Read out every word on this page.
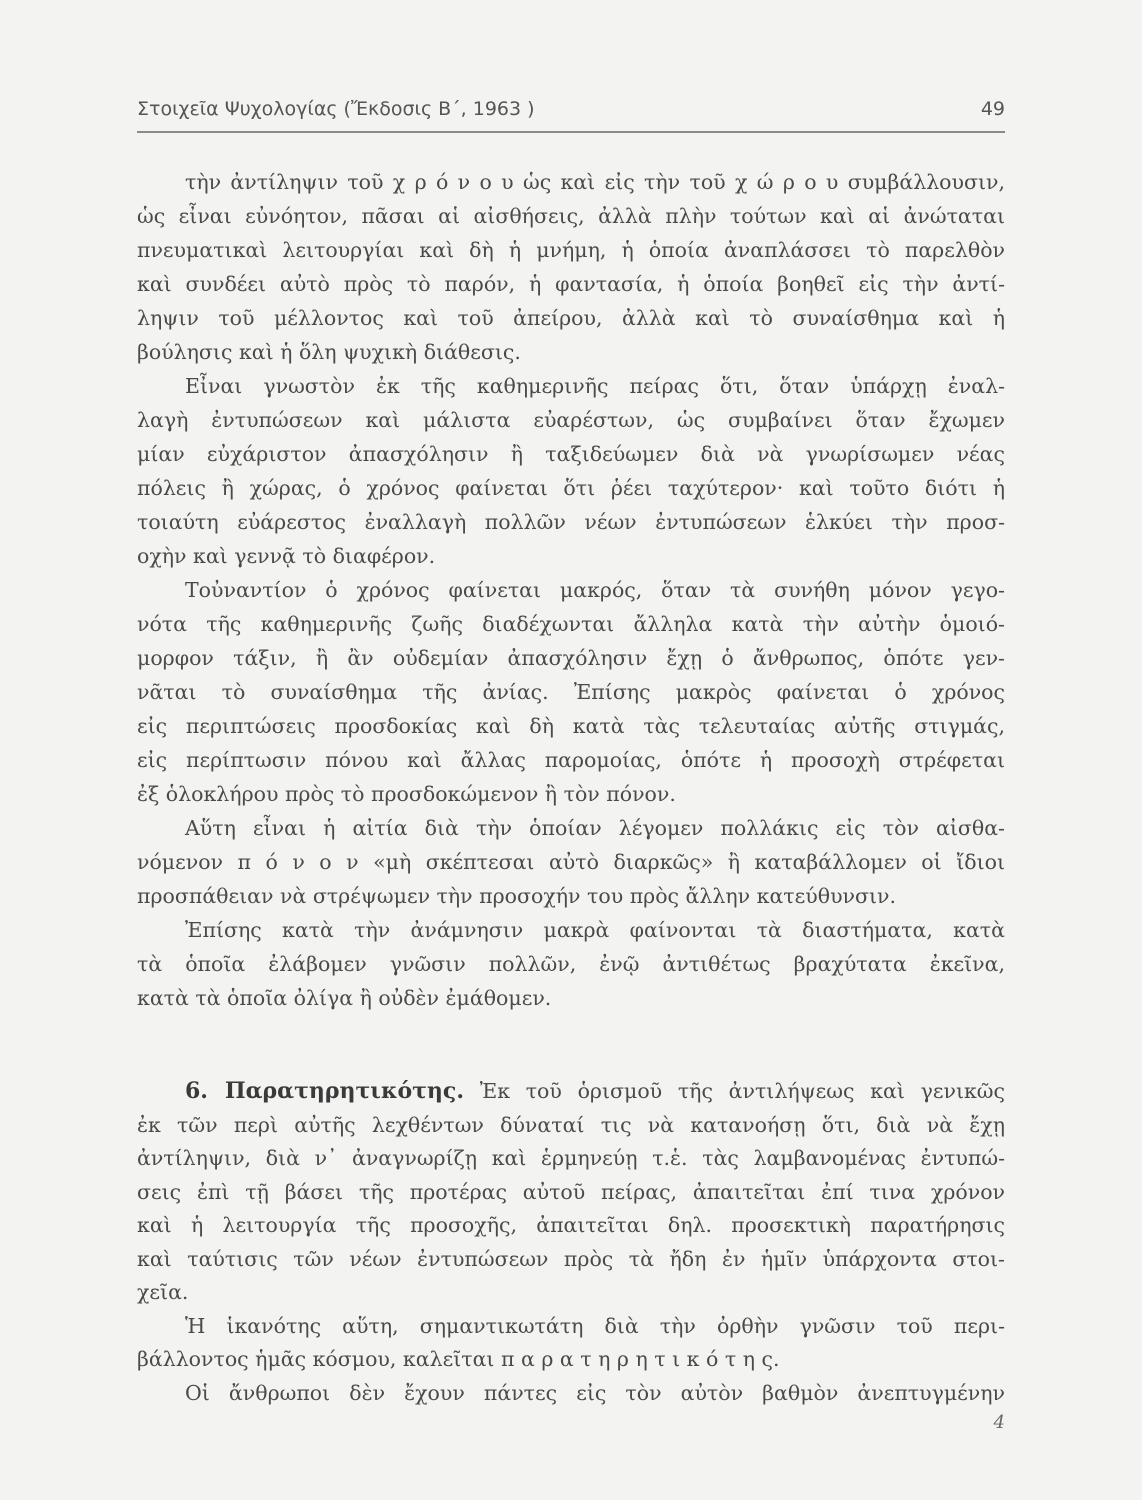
Στοιχεῖα Ψυχολογίας (Ἔκδοσις Β΄, 1963 )	49
τὴν ἀντίληψιν τοῦ χ ρ ό ν ο υ ὡς καὶ εἰς τὴν τοῦ χ ώ ρ ο υ συμβάλλουσιν,
ὡς εἶναι εὐνόητον, πᾶσαι αἱ αἰσθήσεις, ἀλλὰ πλὴν τούτων καὶ αἱ ἀνώταται
πνευματικαὶ λειτουργίαι καὶ δὴ ἡ μνήμη, ἡ ὁποία ἀναπλάσσει τὸ παρελθὸν
καὶ συνδέει αὐτὸ πρὸς τὸ παρόν, ἡ φαντασία, ἡ ὁποία βοηθεῖ εἰς τὴν ἀντί-
ληψιν τοῦ μέλλοντος καὶ τοῦ ἀπείρου, ἀλλὰ καὶ τὸ συναίσθημα καὶ ἡ
βούλησις καὶ ἡ ὅλη ψυχικὴ διάθεσις.
Εἶναι γνωστὸν ἐκ τῆς καθημερινῆς πείρας ὅτι, ὅταν ὑπάρχῃ ἐναλ-
λαγὴ ἐντυπώσεων καὶ μάλιστα εὐαρέστων, ὡς συμβαίνει ὅταν ἔχωμεν
μίαν εὐχάριστον ἀπασχόλησιν ἢ ταξιδεύωμεν διὰ νὰ γνωρίσωμεν νέας
πόλεις ἢ χώρας, ὁ χρόνος φαίνεται ὅτι ῥέει ταχύτερον· καὶ τοῦτο διότι ἡ
τοιαύτη εὐάρεστος ἐναλλαγὴ πολλῶν νέων ἐντυπώσεων ἑλκύει τὴν προσ-
οχὴν καὶ γεννᾷ τὸ διαφέρον.
Τοὐναντίον ὁ χρόνος φαίνεται μακρός, ὅταν τὰ συνήθη μόνον γεγο-
νότα τῆς καθημερινῆς ζωῆς διαδέχωνται ἄλληλα κατὰ τὴν αὐτὴν ὁμοιό-
μορφον τάξιν, ἢ ἂν οὐδεμίαν ἀπασχόλησιν ἔχῃ ὁ ἄνθρωπος, ὁπότε γεν-
νᾶται τὸ συναίσθημα τῆς ἀνίας. Ἐπίσης μακρὸς φαίνεται ὁ χρόνος
εἰς περιπτώσεις προσδοκίας καὶ δὴ κατὰ τὰς τελευταίας αὐτῆς στιγμάς,
εἰς περίπτωσιν πόνου καὶ ἄλλας παρομοίας, ὁπότε ἡ προσοχὴ στρέφεται
ἐξ ὁλοκλήρου πρὸς τὸ προσδοκώμενον ἢ τὸν πόνον.
Αὕτη εἶναι ἡ αἰτία διὰ τὴν ὁποίαν λέγομεν πολλάκις εἰς τὸν αἰσθα-
νόμενον π ό ν ο ν «μὴ σκέπτεσαι αὐτὸ διαρκῶς» ἢ καταβάλλομεν οἱ ἴδιοι
προσπάθειαν νὰ στρέψωμεν τὴν προσοχήν του πρὸς ἄλλην κατεύθυνσιν.
Ἐπίσης κατὰ τὴν ἀνάμνησιν μακρὰ φαίνονται τὰ διαστήματα, κατὰ
τὰ ὁποῖα ἐλάβομεν γνῶσιν πολλῶν, ἐνῷ ἀντιθέτως βραχύτατα ἐκεῖνα,
κατὰ τὰ ὁποῖα ὀλίγα ἢ οὐδὲν ἐμάθομεν.
6. Παρατηρητικότης. Ἐκ τοῦ ὁρισμοῦ τῆς ἀντιλήψεως καὶ γενικῶς
ἐκ τῶν περὶ αὐτῆς λεχθέντων δύναταί τις νὰ κατανοήσῃ ὅτι, διὰ νὰ ἔχῃ
ἀντίληψιν, διὰ ν᾿ ἀναγνωρίζῃ καὶ ἑρμηνεύῃ τ.ἑ. τὰς λαμβανομένας ἐντυπώ-
σεις ἐπὶ τῇ βάσει τῆς προτέρας αὐτοῦ πείρας, ἀπαιτεῖται ἐπί τινα χρόνον
καὶ ἡ λειτουργία τῆς προσοχῆς, ἀπαιτεῖται δηλ. προσεκτικὴ παρατήρησις
καὶ ταύτισις τῶν νέων ἐντυπώσεων πρὸς τὰ ἤδη ἐν ἡμῖν ὑπάρχοντα στοι-
χεῖα.
Ἡ ἱκανότης αὕτη, σημαντικωτάτη διὰ τὴν ὀρθὴν γνῶσιν τοῦ περι-
βάλλοντος ἡμᾶς κόσμου, καλεῖται π α ρ α τ η ρ η τ ι κ ό τ η ς.
Οἱ ἄνθρωποι δὲν ἔχουν πάντες εἰς τὸν αὐτὸν βαθμὸν ἀνεπτυγμένην
4
